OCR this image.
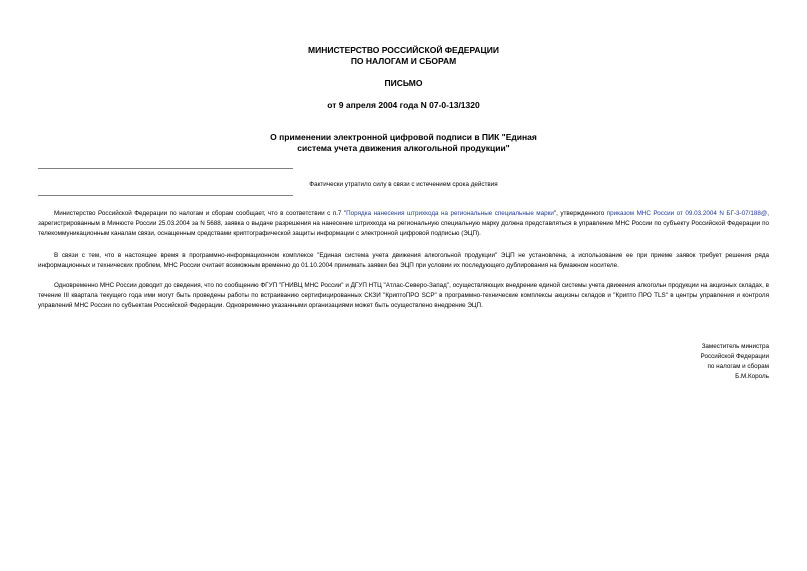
МИНИСТЕРСТВО РОССИЙСКОЙ ФЕДЕРАЦИИ
ПО НАЛОГАМ И СБОРАМ
ПИСЬМО
от 9 апреля 2004 года N 07-0-13/1320
О применении электронной цифровой подписи в ПИК "Единая
система учета движения алкогольной продукции"
Фактически утратило силу в связи с истечением срока действия

Министерство Российской Федерации по налогам и сборам сообщает, что в соответствии с п.7 "Порядка нанесения штрихкода на региональные специальные марки", утвержденного приказом МНС России от 09.03.2004 N БГ-3-07/188@, зарегистрированным в Минюсте России 25.03.2004 за N 5688, заявка о выдаче разрешения на нанесение штрихкода на региональную специальную марку должна представляться в управление МНС России по субъекту Российской Федерации по телекоммуникационным каналам связи, оснащенным средствами криптографической защиты информации с электронной цифровой подписью (ЭЦП).

В связи с тем, что в настоящее время в программно-информационном комплексе "Единая система учета движения алкогольной продукции" ЭЦП не установлена, а использование ее при приеме заявок требует решения ряда информационных и технических проблем, МНС России считает возможным временно до 01.10.2004 принимать заявки без ЭЦП при условии их последующего дублирования на бумажном носителе.

Одновременно МНС России доводит до сведения, что по сообщению ФГУП "ГНИВЦ МНС России" и ДГУП НТЦ "Атлас-Северо-Запад", осуществляющих внедрение единой системы учета движения алкогольн продукции на акцизных складах, в течение III квартала текущего года ими могут быть проведены работы по встраиванию сертифицированных СКЗИ "КриптоПРО SCP" в программно-технические комплексы акцизны складов и "Крипто ПРО TLS" в центры управления и контроля управлений МНС России по субъектам Российской Федерации. Одновременно указанными организациями может быть осуществлено внедрение ЭЦП.

Заместитель министра
Российской Федерации
по налогам и сборам
Б.М.Король
